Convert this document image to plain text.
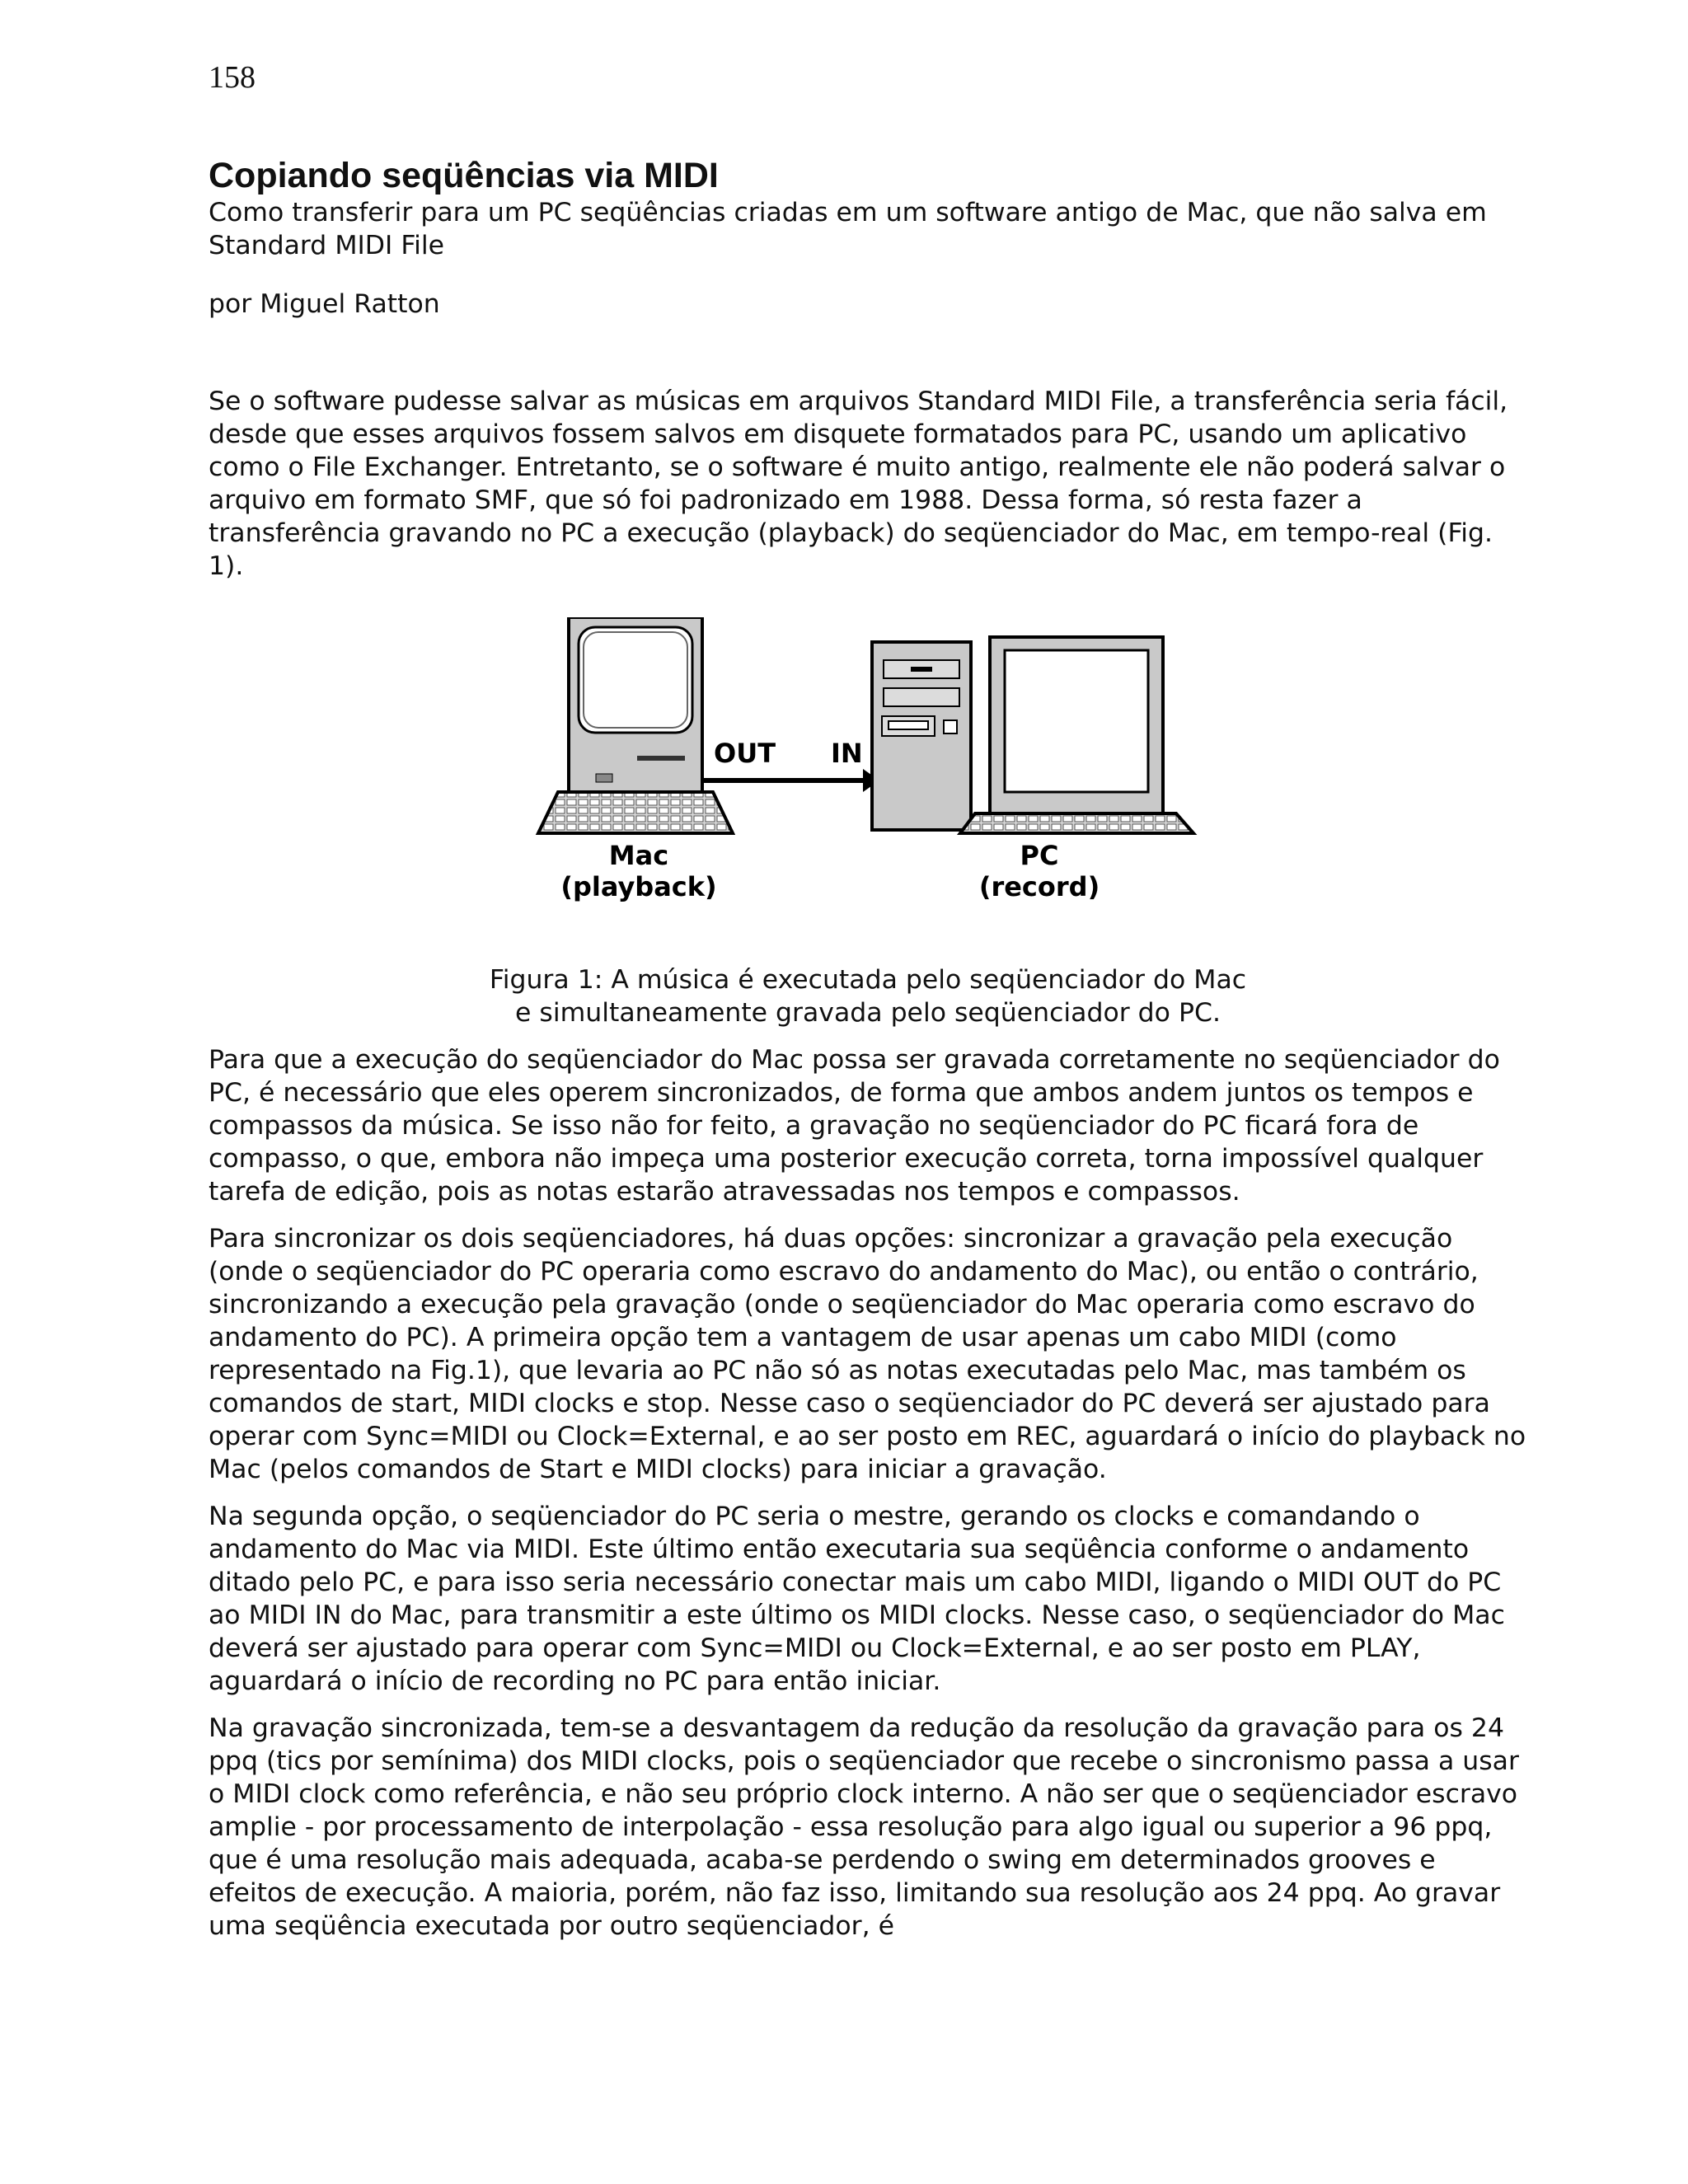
158
Copiando seqüências via MIDI

Como transferir para um PC seqüências criadas em um software antigo de Mac, que não salva em Standard MIDI File

por Miguel Ratton

Se o software pudesse salvar as músicas em arquivos Standard MIDI File, a transferência seria fácil, desde que esses arquivos fossem salvos em disquete formatados para PC, usando um aplicativo como o File Exchanger. Entretanto, se o software é muito antigo, realmente ele não poderá salvar o arquivo em formato SMF, que só foi padronizado em 1988. Dessa forma, só resta fazer a transferência gravando no PC a execução (playback) do seqüenciador do Mac, em tempo-real (Fig. 1).

OUT IN
Mac
(playback)
PC
(record)

Figura 1: A música é executada pelo seqüenciador do Mac
e simultaneamente gravada pelo seqüenciador do PC.

Para que a execução do seqüenciador do Mac possa ser gravada corretamente no seqüenciador do PC, é necessário que eles operem sincronizados, de forma que ambos andem juntos os tempos e compassos da música. Se isso não for feito, a gravação no seqüenciador do PC ficará fora de compasso, o que, embora não impeça uma posterior execução correta, torna impossível qualquer tarefa de edição, pois as notas estarão atravessadas nos tempos e compassos.

Para sincronizar os dois seqüenciadores, há duas opções: sincronizar a gravação pela execução (onde o seqüenciador do PC operaria como escravo do andamento do Mac), ou então o contrário, sincronizando a execução pela gravação (onde o seqüenciador do Mac operaria como escravo do andamento do PC). A primeira opção tem a vantagem de usar apenas um cabo MIDI (como representado na Fig.1), que levaria ao PC não só as notas executadas pelo Mac, mas também os comandos de start, MIDI clocks e stop. Nesse caso o seqüenciador do PC deverá ser ajustado para operar com Sync=MIDI ou Clock=External, e ao ser posto em REC, aguardará o início do playback no Mac (pelos comandos de Start e MIDI clocks) para iniciar a gravação.

Na segunda opção, o seqüenciador do PC seria o mestre, gerando os clocks e comandando o andamento do Mac via MIDI. Este último então executaria sua seqüência conforme o andamento ditado pelo PC, e para isso seria necessário conectar mais um cabo MIDI, ligando o MIDI OUT do PC ao MIDI IN do Mac, para transmitir a este último os MIDI clocks. Nesse caso, o seqüenciador do Mac deverá ser ajustado para operar com Sync=MIDI ou Clock=External, e ao ser posto em PLAY, aguardará o início de recording no PC para então iniciar.

Na gravação sincronizada, tem-se a desvantagem da redução da resolução da gravação para os 24 ppq (tics por semínima) dos MIDI clocks, pois o seqüenciador que recebe o sincronismo passa a usar o MIDI clock como referência, e não seu próprio clock interno. A não ser que o seqüenciador escravo amplie - por processamento de interpolação - essa resolução para algo igual ou superior a 96 ppq, que é uma resolução mais adequada, acaba-se perdendo o swing em determinados grooves e efeitos de execução. A maioria, porém, não faz isso, limitando sua resolução aos 24 ppq. Ao gravar uma seqüência executada por outro seqüenciador, é
